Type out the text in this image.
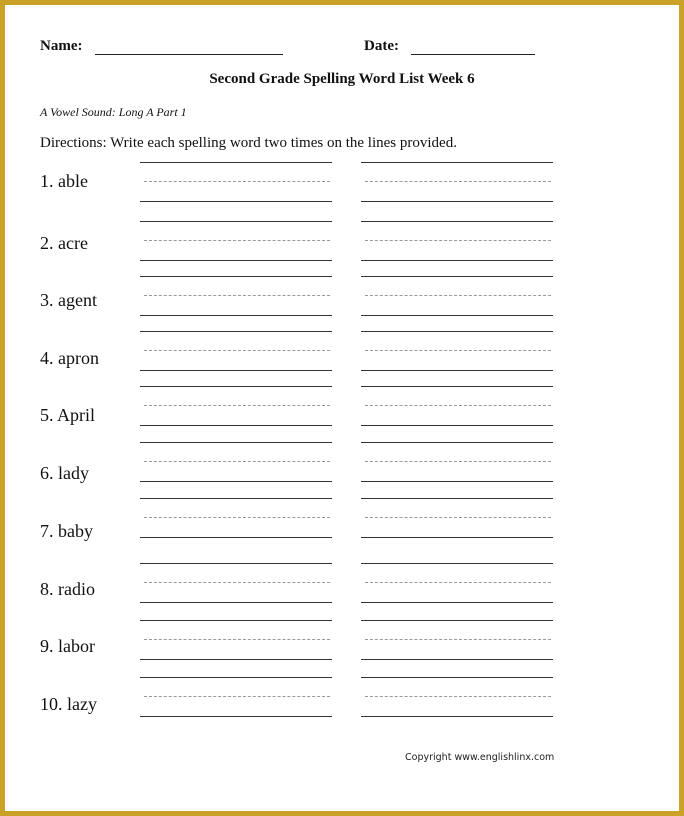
Name:	Date:
Second Grade Spelling Word List Week 6
A Vowel Sound: Long A Part 1
Directions: Write each spelling word two times on the lines provided.
1. able
2. acre
3. agent
4. apron
5. April
6. lady
7. baby
8. radio
9. labor
10. lazy
Copyright www.englishlinx.com
